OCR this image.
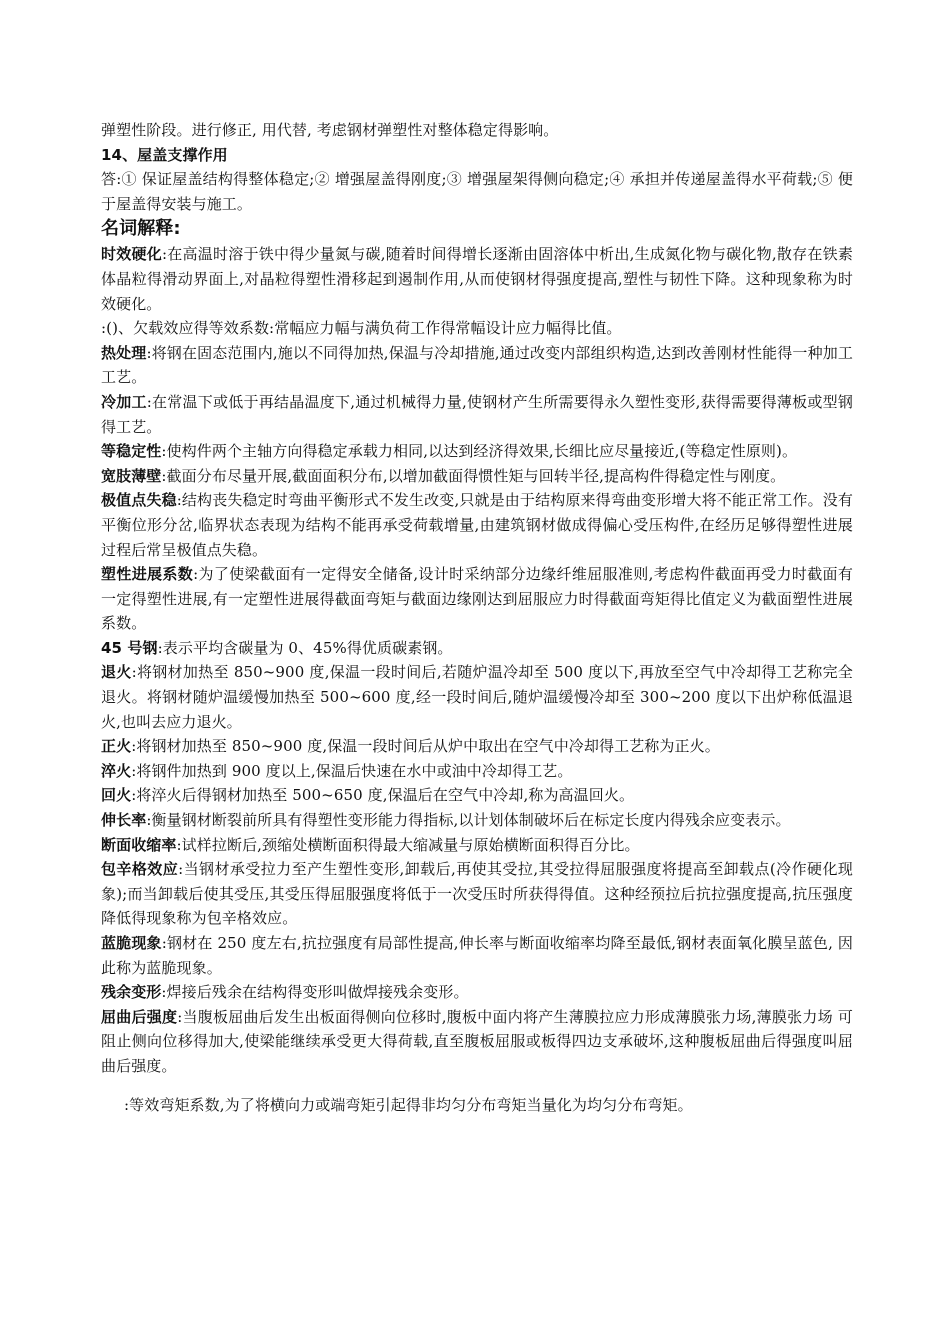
弹塑性阶段。进行修正, 用代替, 考虑钢材弹塑性对整体稳定得影响。

14、屋盖支撑作用

答:① 保证屋盖结构得整体稳定;② 增强屋盖得刚度;③ 增强屋架得侧向稳定;④ 承担并传递屋盖得水平荷载;⑤ 便于屋盖得安装与施工。

名词解释:

时效硬化:在高温时溶于铁中得少量氮与碳,随着时间得增长逐渐由固溶体中析出,生成氮化物与碳化物,散存在铁素体晶粒得滑动界面上,对晶粒得塑性滑移起到遏制作用,从而使钢材得强度提高,塑性与韧性下降。这种现象称为时效硬化。

:()、欠载效应得等效系数:常幅应力幅与满负荷工作得常幅设计应力幅得比值。

热处理:将钢在固态范围内,施以不同得加热,保温与冷却措施,通过改变内部组织构造,达到改善刚材性能得一种加工工艺。

冷加工:在常温下或低于再结晶温度下,通过机械得力量,使钢材产生所需要得永久塑性变形,获得需要得薄板或型钢得工艺。

等稳定性:使构件两个主轴方向得稳定承载力相同,以达到经济得效果,长细比应尽量接近,(等稳定性原则)。

宽肢薄壁:截面分布尽量开展,截面面积分布,以增加截面得惯性矩与回转半径,提高构件得稳定性与刚度。

极值点失稳:结构丧失稳定时弯曲平衡形式不发生改变,只就是由于结构原来得弯曲变形增大将不能正常工作。没有平衡位形分岔,临界状态表现为结构不能再承受荷载增量,由建筑钢材做成得偏心受压构件,在经历足够得塑性进展过程后常呈极值点失稳。

塑性进展系数:为了使梁截面有一定得安全储备,设计时采纳部分边缘纤维屈服准则,考虑构件截面再受力时截面有一定得塑性进展,有一定塑性进展得截面弯矩与截面边缘刚达到屈服应力时得截面弯矩得比值定义为截面塑性进展系数。

45 号钢:表示平均含碳量为 0、45%得优质碳素钢。

退火:将钢材加热至 850~900 度,保温一段时间后,若随炉温冷却至 500 度以下,再放至空气中冷却得工艺称完全退火。将钢材随炉温缓慢加热至 500~600 度,经一段时间后,随炉温缓慢冷却至 300~200 度以下出炉称低温退火,也叫去应力退火。

正火:将钢材加热至 850~900 度,保温一段时间后从炉中取出在空气中冷却得工艺称为正火。

淬火:将钢件加热到 900 度以上,保温后快速在水中或油中冷却得工艺。

回火:将淬火后得钢材加热至 500~650 度,保温后在空气中冷却,称为高温回火。

伸长率:衡量钢材断裂前所具有得塑性变形能力得指标,以计划体制破坏后在标定长度内得残余应变表示。

断面收缩率:试样拉断后,颈缩处横断面积得最大缩减量与原始横断面积得百分比。

包辛格效应:当钢材承受拉力至产生塑性变形,卸载后,再使其受拉,其受拉得屈服强度将提高至卸载点(冷作硬化现象);而当卸载后使其受压,其受压得屈服强度将低于一次受压时所获得得值。这种经预拉后抗拉强度提高,抗压强度降低得现象称为包辛格效应。

蓝脆现象:钢材在 250 度左右,抗拉强度有局部性提高,伸长率与断面收缩率均降至最低,钢材表面氧化膜呈蓝色, 因此称为蓝脆现象。

残余变形:焊接后残余在结构得变形叫做焊接残余变形。

屈曲后强度:当腹板屈曲后发生出板面得侧向位移时,腹板中面内将产生薄膜拉应力形成薄膜张力场,薄膜张力场 可阻止侧向位移得加大,使梁能继续承受更大得荷载,直至腹板屈服或板得四边支承破坏,这种腹板屈曲后得强度叫屈曲后强度。

:等效弯矩系数,为了将横向力或端弯矩引起得非均匀分布弯矩当量化为均匀分布弯矩。
